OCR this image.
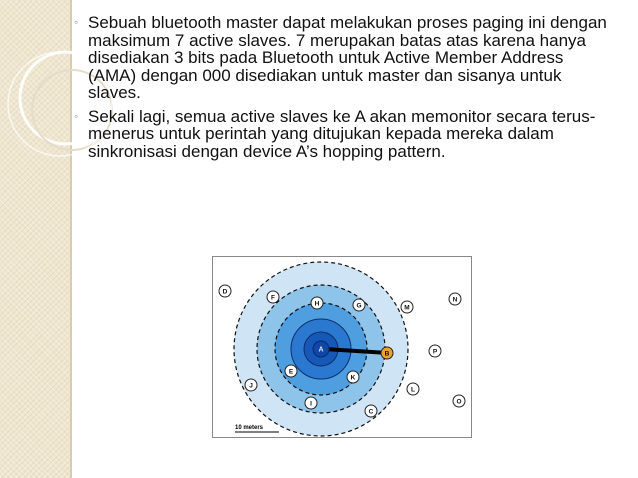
◦ Sebuah bluetooth master dapat melakukan proses paging ini dengan maksimum 7 active slaves. 7 merupakan batas atas karena hanya disediakan 3 bits pada Bluetooth untuk Active Member Address (AMA) dengan 000 disediakan untuk master dan sisanya untuk slaves.

◦ Sekali lagi, semua active slaves ke A akan memonitor secara terus-menerus untuk perintah yang ditujukan kepada mereka dalam sinkronisasi dengan device A’s hopping pattern.

A
D
F
H	G	M
N
P
B
K
E
J
I
C
L
O
10 meters
